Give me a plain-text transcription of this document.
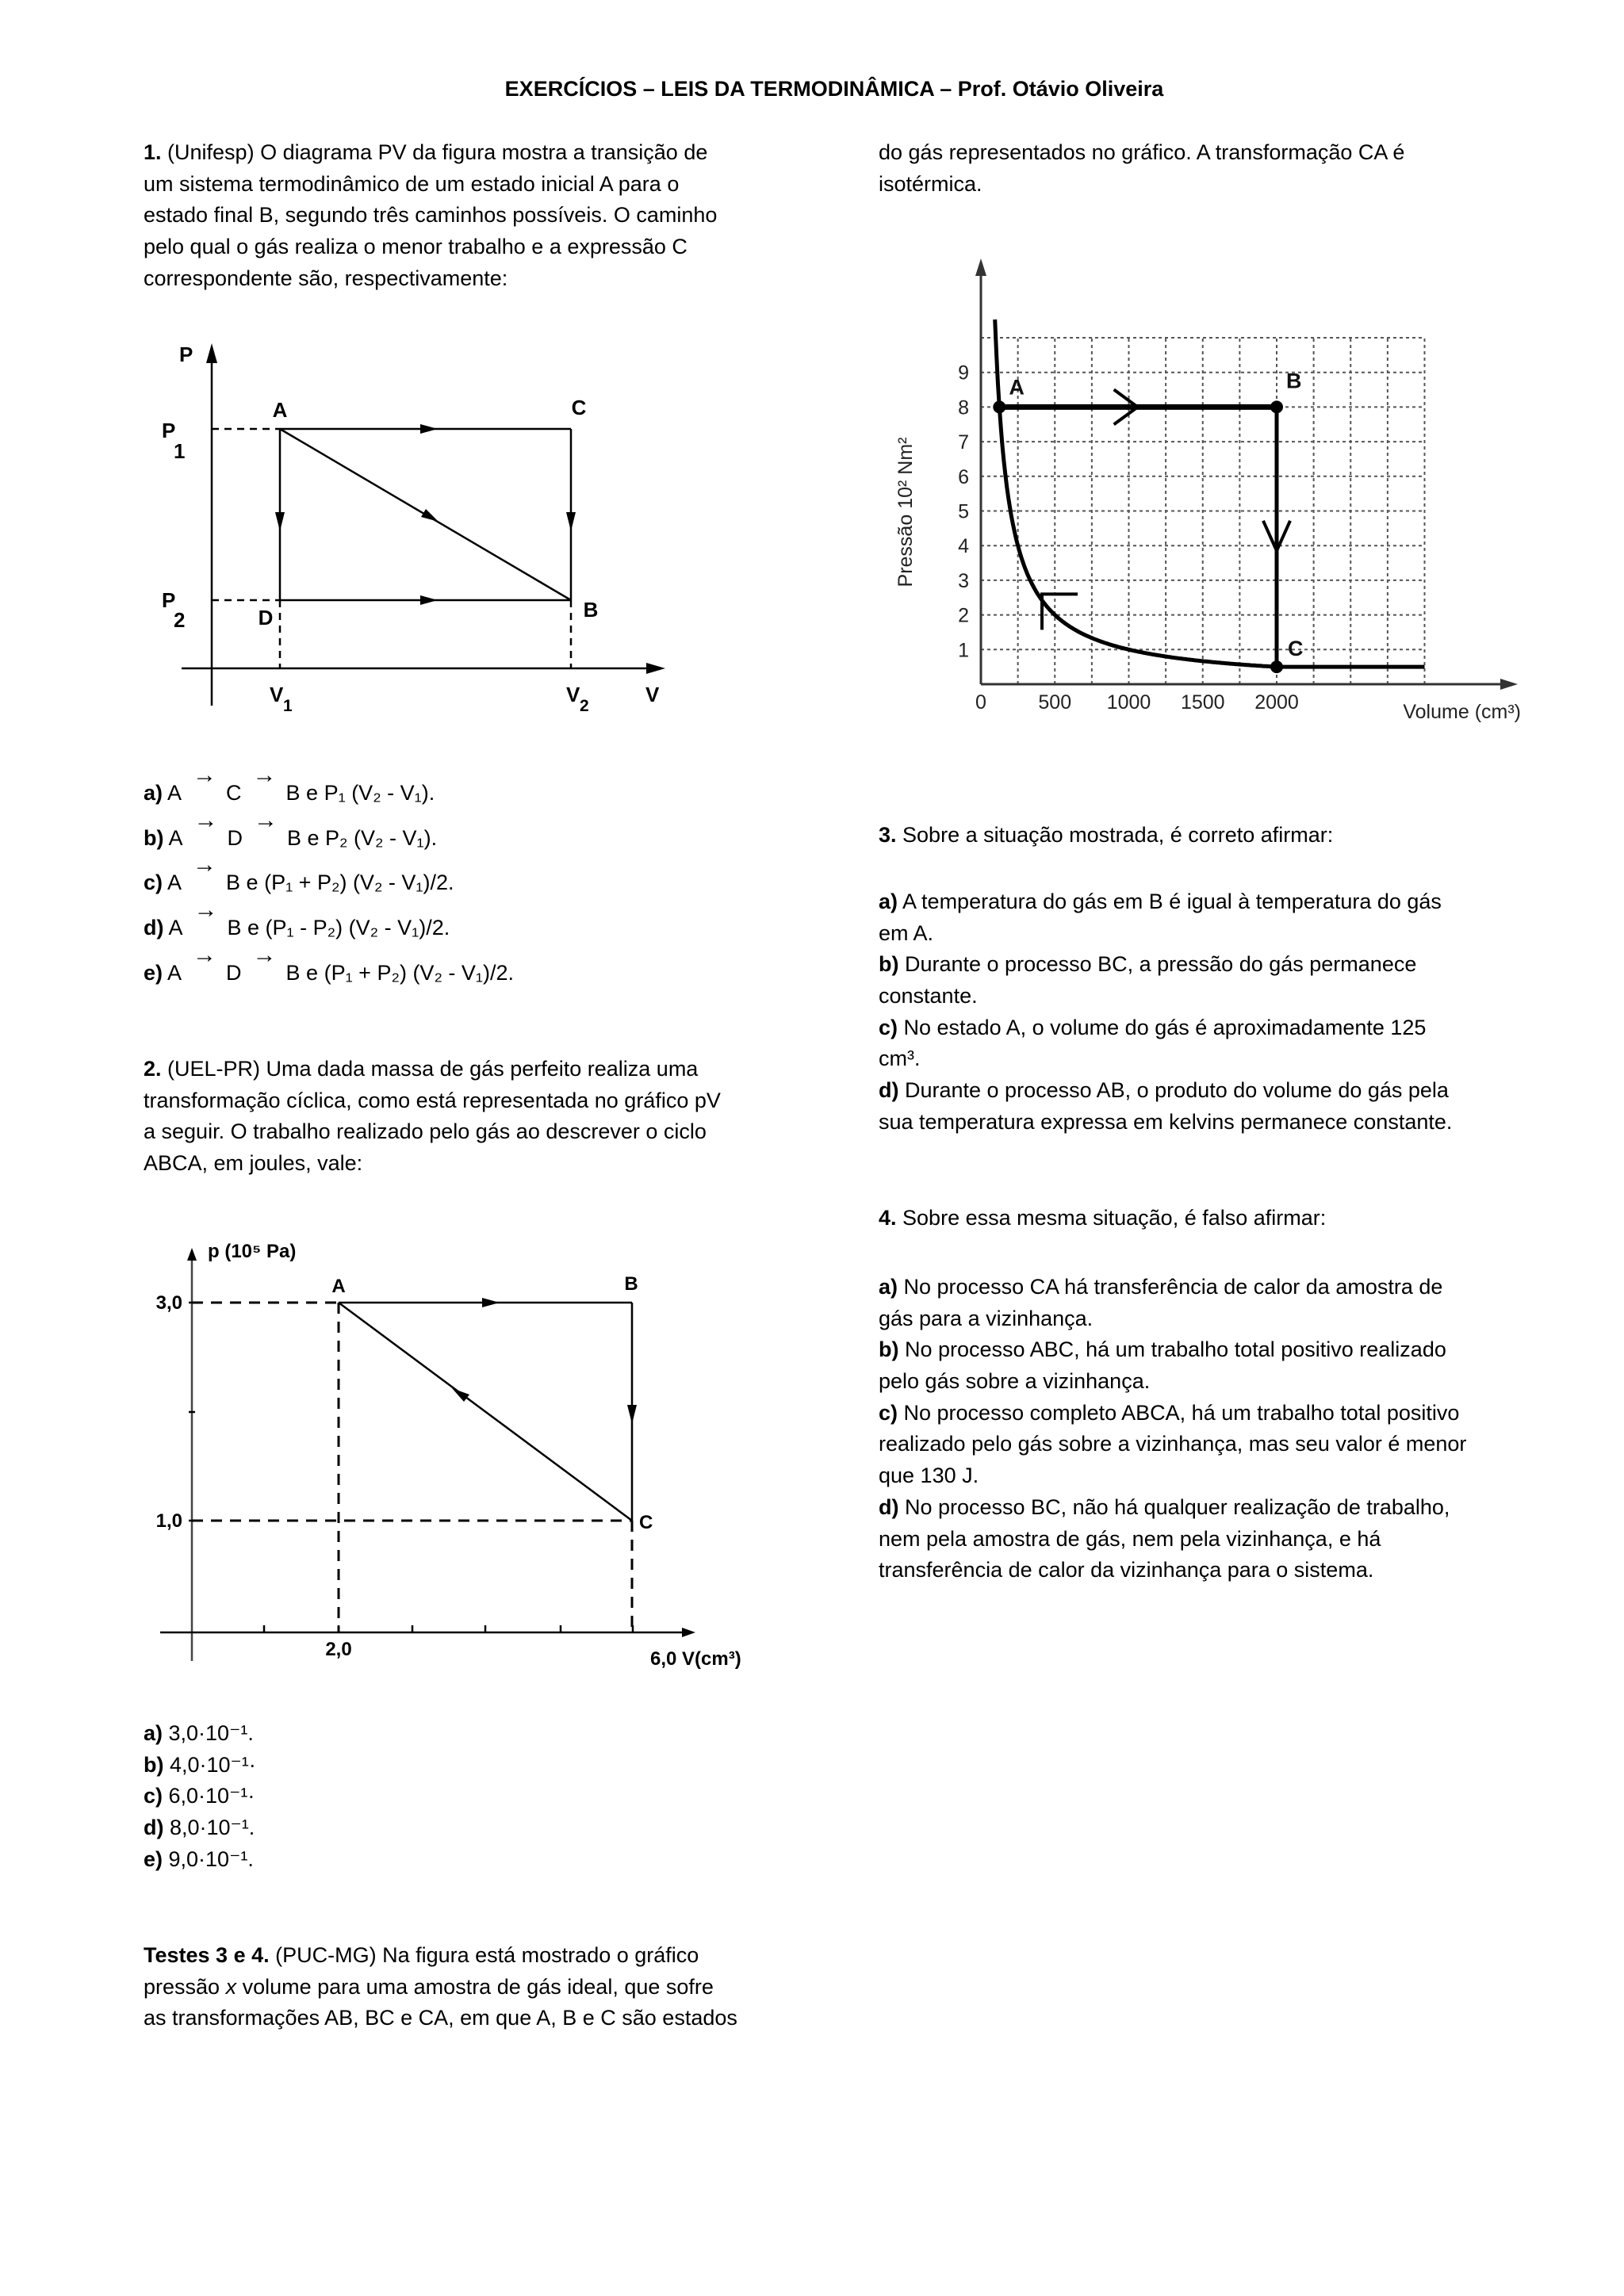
EXERCÍCIOS – LEIS DA TERMODINÂMICA – Prof. Otávio Oliveira
1. (Unifesp) O diagrama PV da figura mostra a transição de
um sistema termodinâmico de um estado inicial A para o
estado final B, segundo três caminhos possíveis. O caminho
pelo qual o gás realiza o menor trabalho e a expressão C
correspondente são, respectivamente:
P
P
1
P
2
A	C
D	B
V 1	V 2	V
a) A→C→B e P₁ (V₂ - V₁).
b) A→D→B e P₂ (V₂ - V₁).
c) A→B e (P₁ + P₂) (V₂ - V₁)/2.
d) A→B e (P₁ - P₂) (V₂ - V₁)/2.
e) A→D→B e (P₁ + P₂) (V₂ - V₁)/2.
2. (UEL-PR) Uma dada massa de gás perfeito realiza uma
transformação cíclica, como está representada no gráfico pV
a seguir. O trabalho realizado pelo gás ao descrever o ciclo
ABCA, em joules, vale:
p (10⁵ Pa)
3,0
1,0
A	B
C
2,0	6,0 V(cm³)
a) 3,0·10⁻¹.
b) 4,0·10⁻¹·
c) 6,0·10⁻¹·
d) 8,0·10⁻¹.
e) 9,0·10⁻¹.
Testes 3 e 4. (PUC-MG) Na figura está mostrado o gráfico
pressão x volume para uma amostra de gás ideal, que sofre
as transformações AB, BC e CA, em que A, B e C são estados
do gás representados no gráfico. A transformação CA é
isotérmica.
1
2
3
4
5
6
7
8
9
0	500 1000 1500 2000
A	B
C
Pressão 10² Nm²
Volume (cm³)
3. Sobre a situação mostrada, é correto afirmar:
a) A temperatura do gás em B é igual à temperatura do gás
em A.
b) Durante o processo BC, a pressão do gás permanece
constante.
c) No estado A, o volume do gás é aproximadamente 125
cm³.
d) Durante o processo AB, o produto do volume do gás pela
sua temperatura expressa em kelvins permanece constante.
4. Sobre essa mesma situação, é falso afirmar:
a) No processo CA há transferência de calor da amostra de
gás para a vizinhança.
b) No processo ABC, há um trabalho total positivo realizado
pelo gás sobre a vizinhança.
c) No processo completo ABCA, há um trabalho total positivo
realizado pelo gás sobre a vizinhança, mas seu valor é menor
que 130 J.
d) No processo BC, não há qualquer realização de trabalho,
nem pela amostra de gás, nem pela vizinhança, e há
transferência de calor da vizinhança para o sistema.
